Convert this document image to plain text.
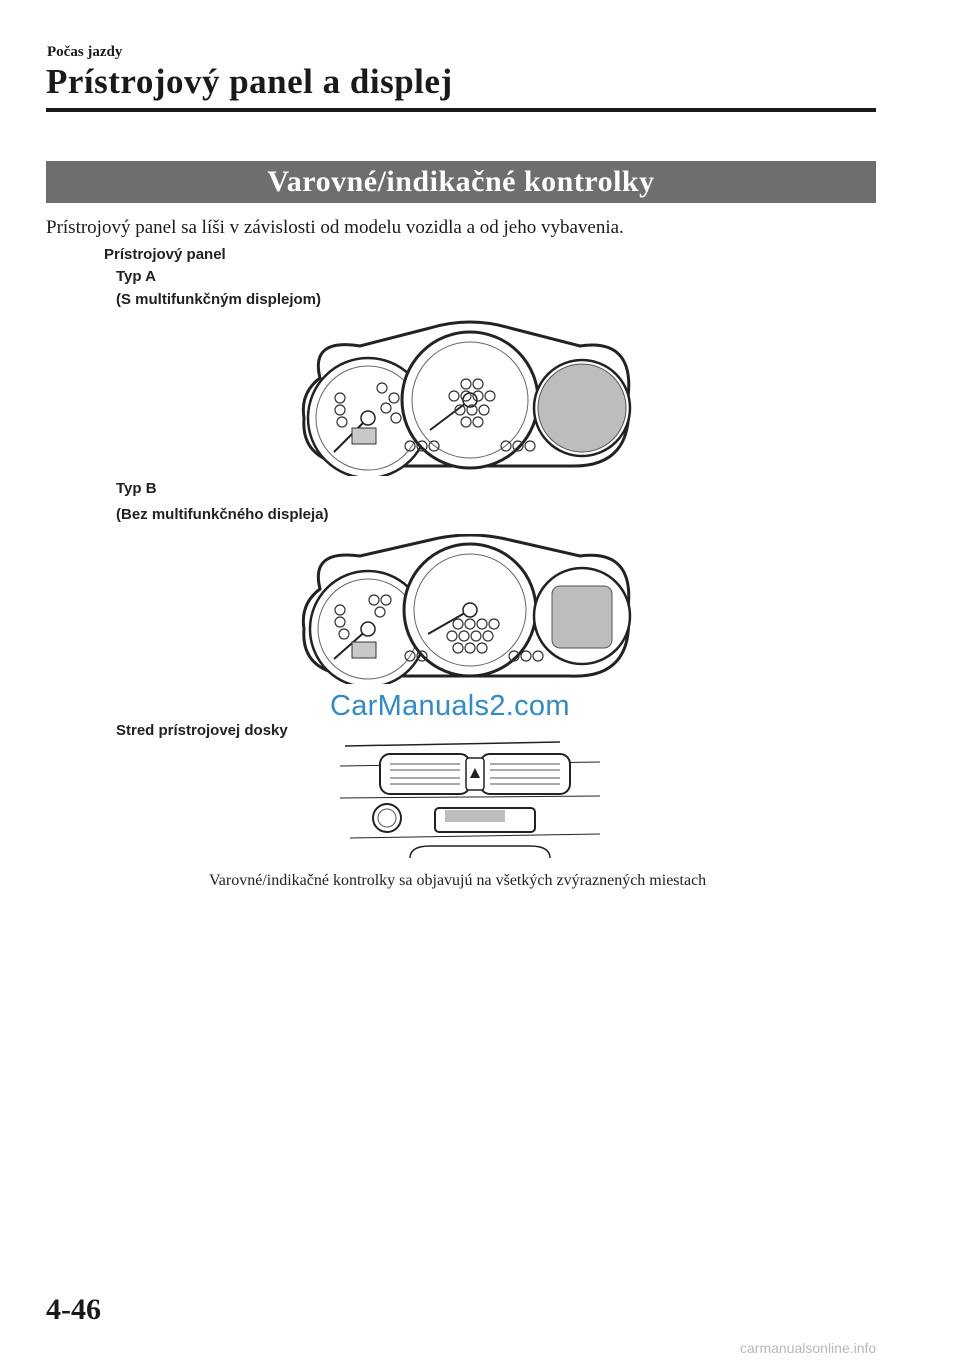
Počas jazdy
Prístrojový panel a displej
Varovné/indikačné kontrolky
Prístrojový panel sa líši v závislosti od modelu vozidla a od jeho vybavenia.
Prístrojový panel
Typ A
(S multifunkčným displejom)
Typ B
(Bez multifunkčného displeja)
CarManuals2.com
Stred prístrojovej dosky
Varovné/indikačné kontrolky sa objavujú na všetkých zvýraznených miestach
4-46
carmanualsonline.info
